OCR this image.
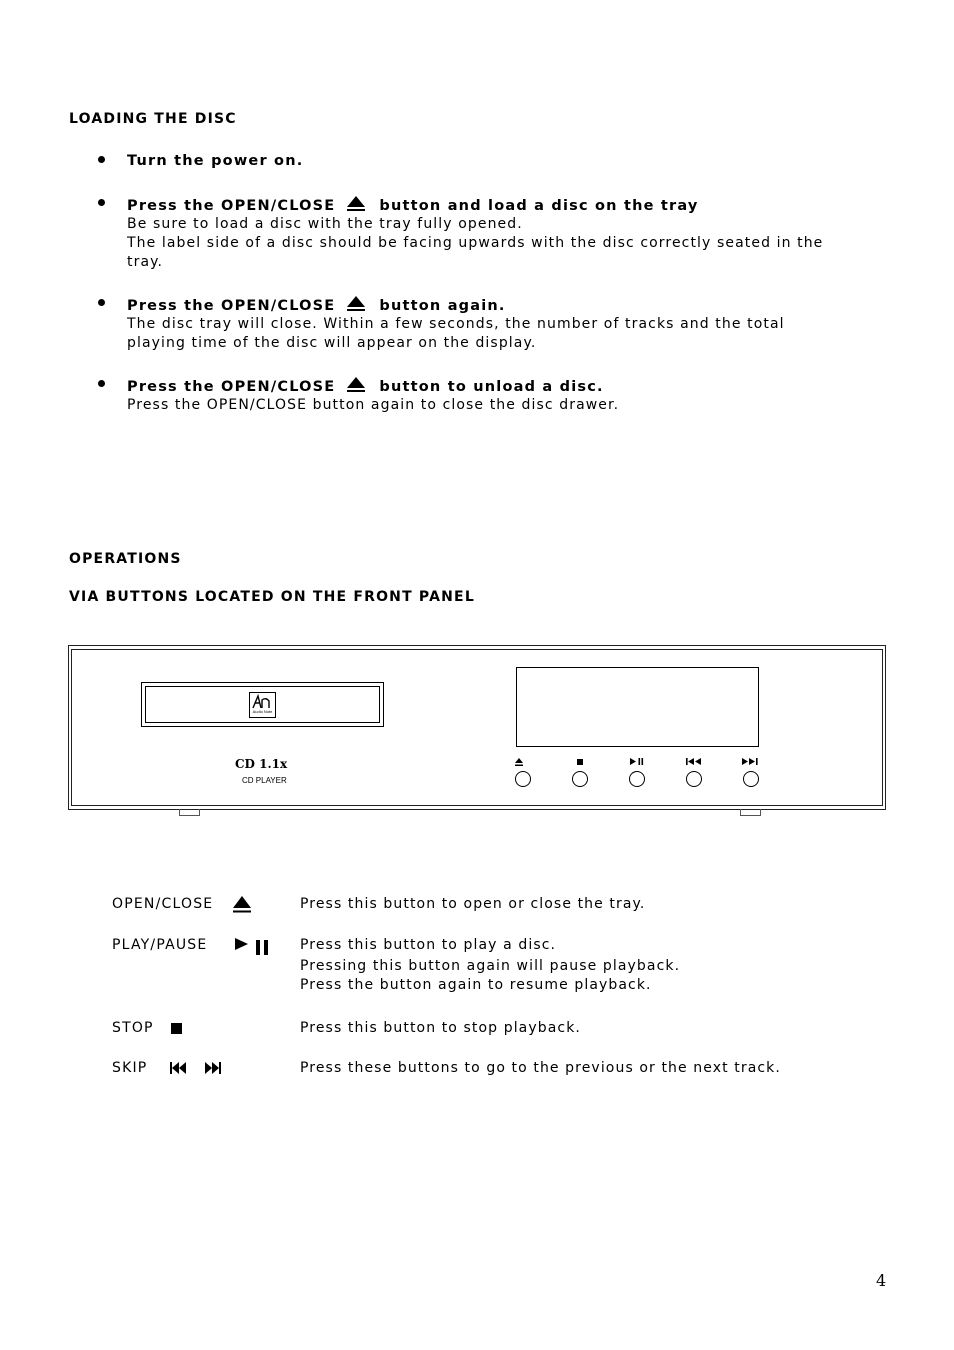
LOADING THE DISC
Turn the power on.
Press the OPEN/CLOSE	button and load a disc on the tray
Be sure to load a disc with the tray fully opened.
The label side of a disc should be facing upwards with the disc correctly seated in the
tray.
Press the OPEN/CLOSE	button again.
The disc tray will close. Within a few seconds, the number of tracks and the total
playing time of the disc will appear on the display.
Press the OPEN/CLOSE	button to unload a disc.
Press the OPEN/CLOSE button again to close the disc drawer.
OPERATIONS
VIA BUTTONS LOCATED ON THE FRONT PANEL
Audio Note
CD 1.1x
CD PLAYER
OPEN/CLOSE	Press this button to open or close the tray.
PLAY/PAUSE	Press this button to play a disc.
Pressing this button again will pause playback.
Press the button again to resume playback.
STOP	Press this button to stop playback.
SKIP	Press these buttons to go to the previous or the next track.
4
